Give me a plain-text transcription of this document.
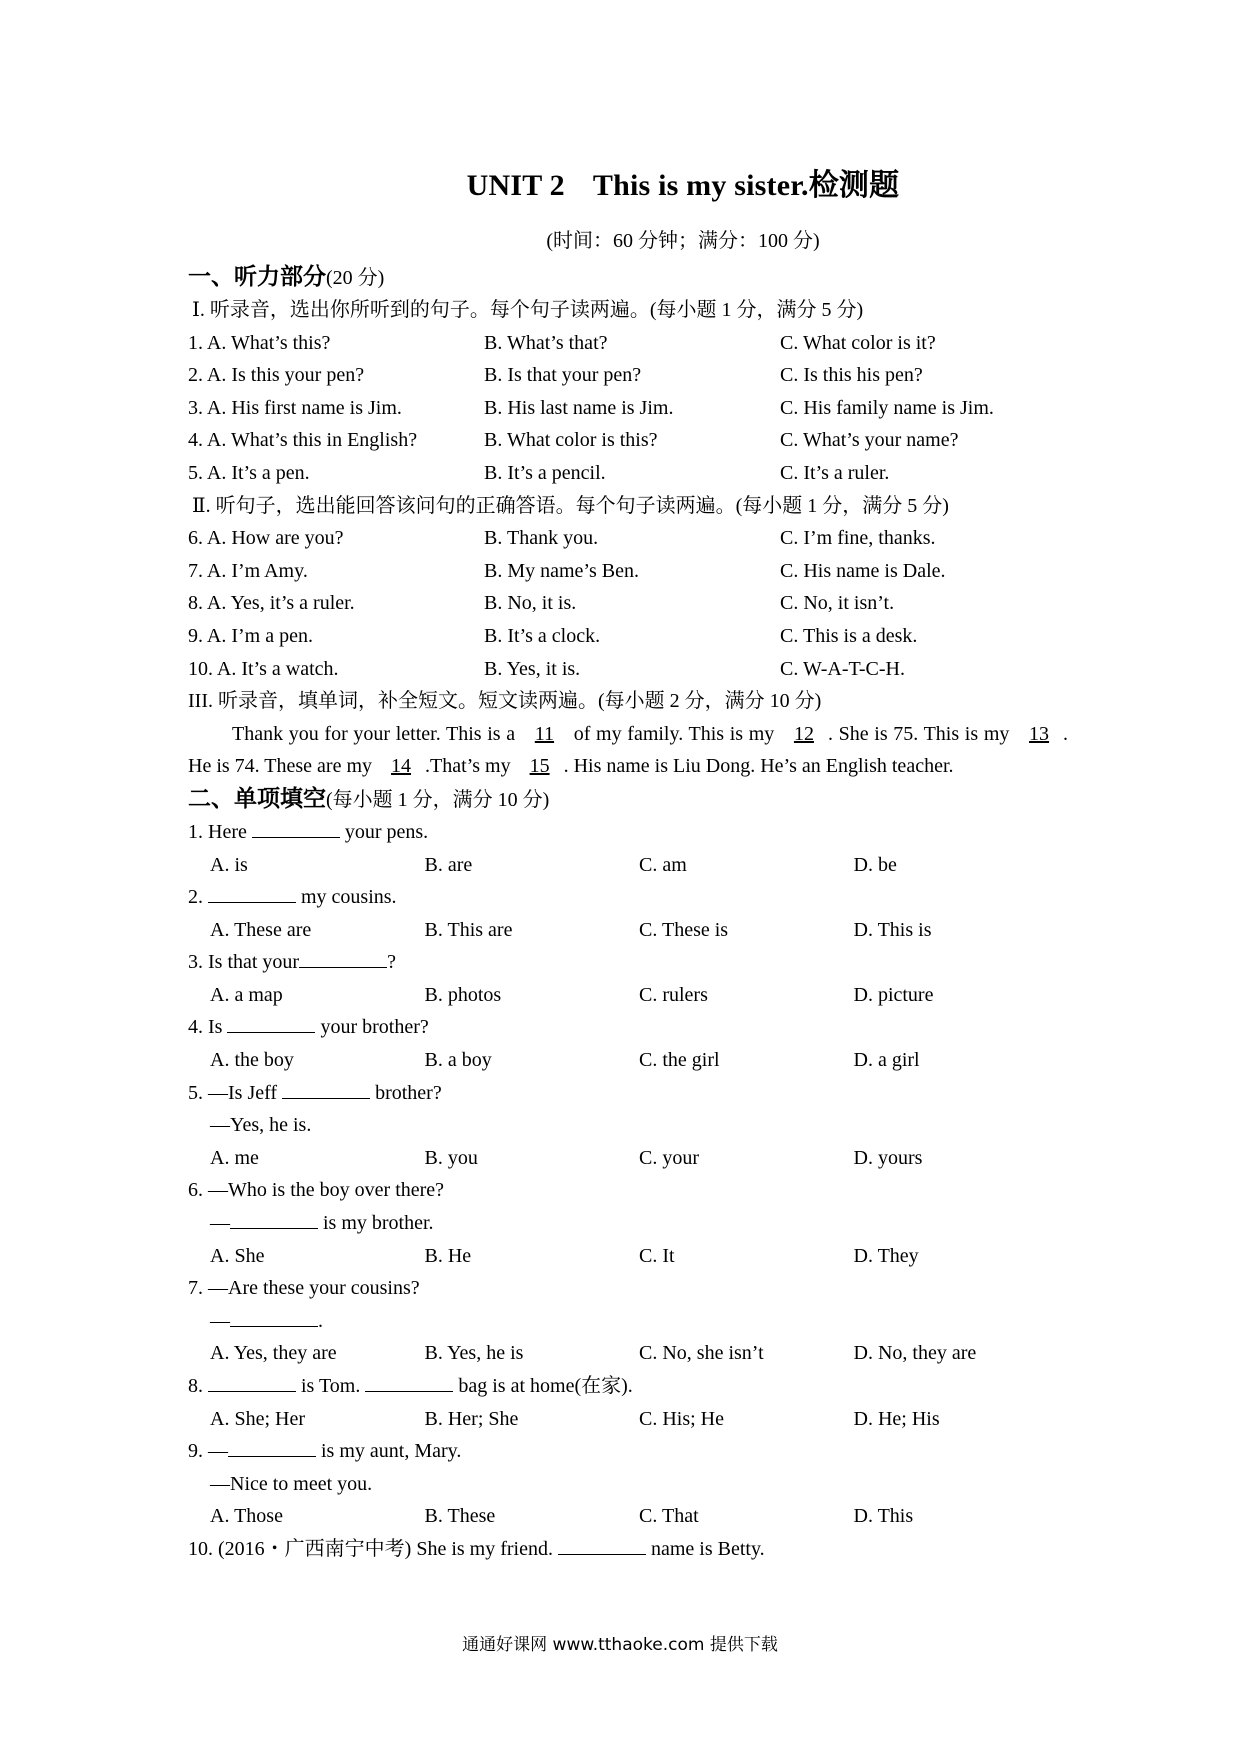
UNIT 2 This is my sister.检测题
(时间：60 分钟；满分：100 分)
一、听力部分(20 分)
Ⅰ. 听录音，选出你所听到的句子。每个句子读两遍。(每小题 1 分，满分 5 分)
1. A. What’s this?	B. What’s that?	C. What color is it?
2. A. Is this your pen?	B. Is that your pen?	C. Is this his pen?
3. A. His first name is Jim.	B. His last name is Jim.	C. His family name is Jim.
4. A. What’s this in English?	B. What color is this?	C. What’s your name?
5. A. It’s a pen.	B. It’s a pencil.	C. It’s a ruler.
Ⅱ. 听句子，选出能回答该问句的正确答语。每个句子读两遍。(每小题 1 分，满分 5 分)
6. A. How are you?	B. Thank you.	C. I’m fine, thanks.
7. A. I’m Amy.	B. My name’s Ben.	C. His name is Dale.
8. A. Yes, it’s a ruler.	B. No, it is.	C. No, it isn’t.
9. A. I’m a pen.	B. It’s a clock.	C. This is a desk.
10. A. It’s a watch.	B. Yes, it is.	C. W-A-T-C-H.
III. 听录音，填单词，补全短文。短文读两遍。(每小题 2 分，满分 10 分)
Thank you for your letter. This is a 11 of my family. This is my 12 . She is 75. This is my 13 . He is 74. These are my 14 .That’s my 15 . His name is Liu Dong. He’s an English teacher.
二、单项填空(每小题 1 分，满分 10 分)
1. Here	your pens.
A. is	B. are	C. am	D. be
2.	my cousins.
A. These are	B. This are	C. These is	D. This is
3. Is that your	?
A. a map	B. photos	C. rulers	D. picture
4. Is	your brother?
A. the boy	B. a boy	C. the girl	D. a girl
5. —Is Jeff	brother?
—Yes, he is.
A. me	B. you	C. your	D. yours
6. —Who is the boy over there?
—	is my brother.
A. She	B. He	C. It	D. They
7. —Are these your cousins?
—	.
A. Yes, they are	B. Yes, he is	C. No, she isn’t	D. No, they are
8.	is Tom.	bag is at home(在家).
A. She; Her	B. Her; She	C. His; He	D. He; His
9. —	is my aunt, Mary.
—Nice to meet you.
A. Those	B. These	C. That	D. This
10. (2016・广西南宁中考) She is my friend.	name is Betty.
通通好课网 www.tthaoke.com 提供下载
